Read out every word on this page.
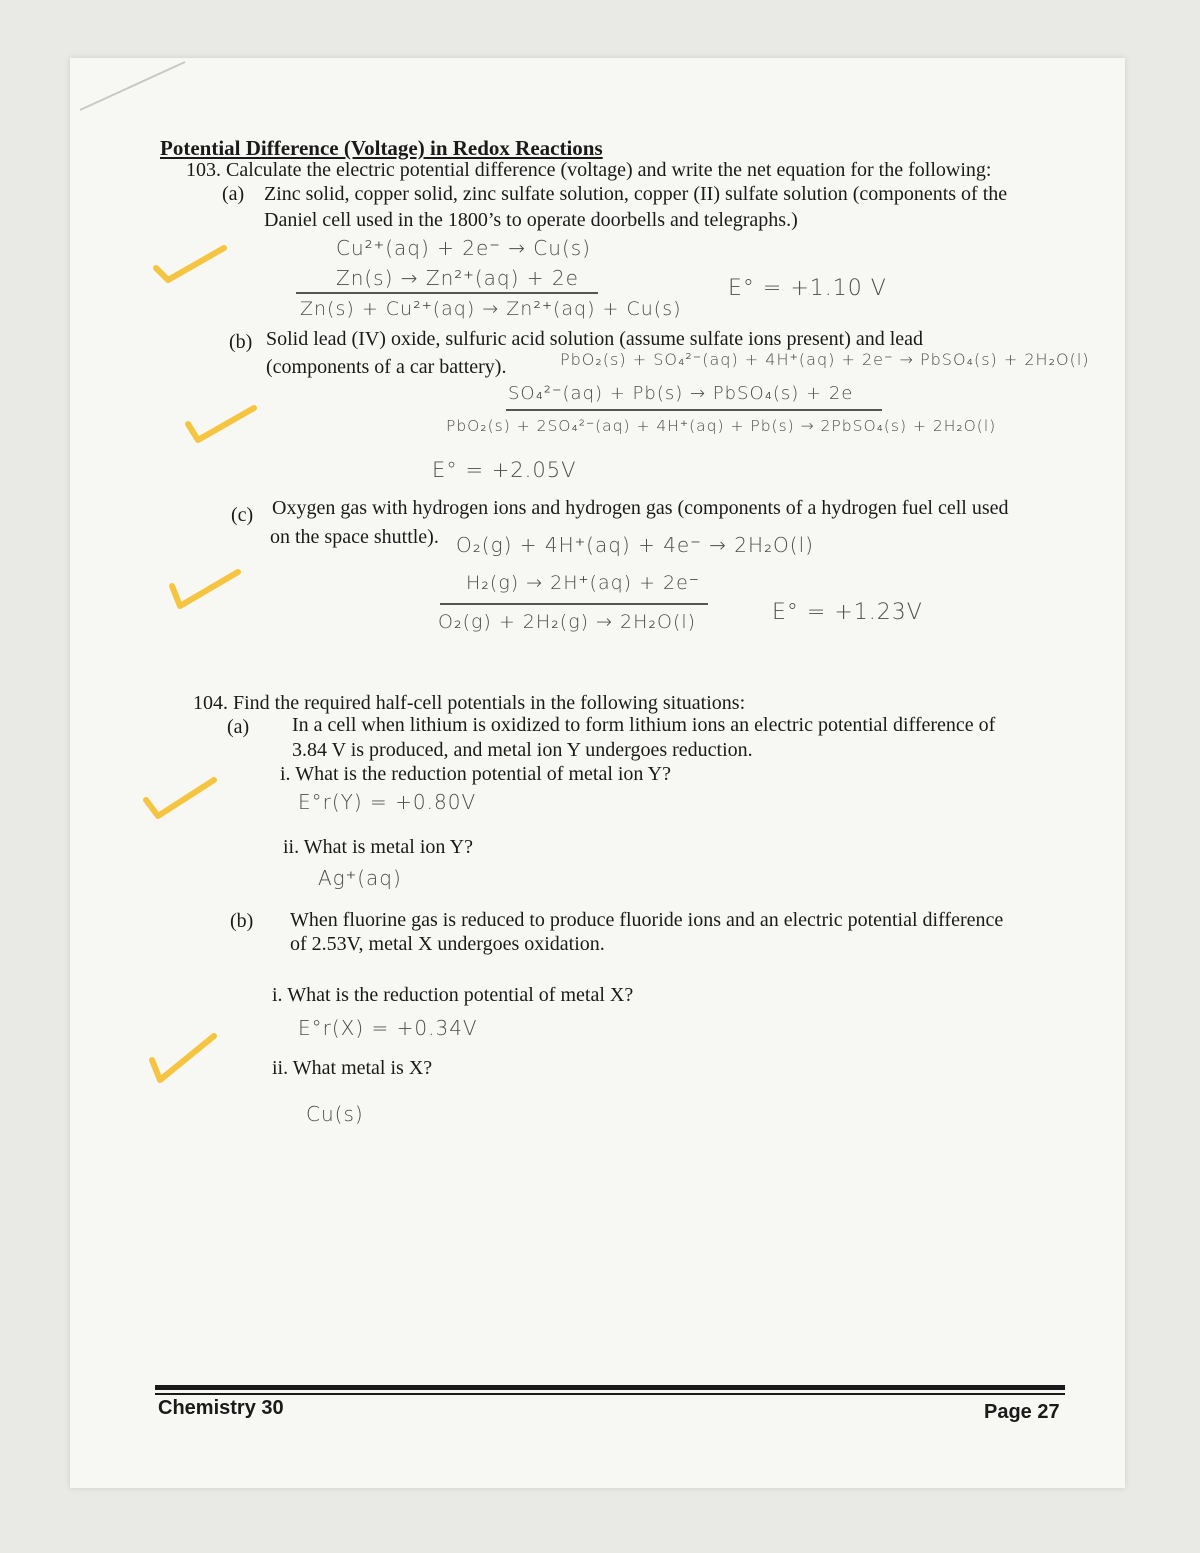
Potential Difference (Voltage) in Redox Reactions
103. Calculate the electric potential difference (voltage) and write the net equation for the following:
(a) Zinc solid, copper solid, zinc sulfate solution, copper (II) sulfate solution (components of the
Daniel cell used in the 1800’s to operate doorbells and telegraphs.)
Cu²⁺(aq) + 2e⁻ → Cu(s)
Zn(s) → Zn²⁺(aq) + 2e
Zn(s) + Cu²⁺(aq) → Zn²⁺(aq) + Cu(s)
E° = +1.10 V
(b) Solid lead (IV) oxide, sulfuric acid solution (assume sulfate ions present) and lead
(components of a car battery).	PbO₂(s) + SO₄²⁻(aq) + 4H⁺(aq) + 2e⁻ → PbSO₄(s) + 2H₂O(l)
SO₄²⁻(aq) + Pb(s) → PbSO₄(s) + 2e
PbO₂(s) + 2SO₄²⁻(aq) + 4H⁺(aq) + Pb(s) → 2PbSO₄(s) + 2H₂O(l)
E° = +2.05V
(c) Oxygen gas with hydrogen ions and hydrogen gas (components of a hydrogen fuel cell used
on the space shuttle). O₂(g) + 4H⁺(aq) + 4e⁻ → 2H₂O(l)
H₂(g) → 2H⁺(aq) + 2e⁻
O₂(g) + 2H₂(g) → 2H₂O(l)	E° = +1.23V
104. Find the required half-cell potentials in the following situations:
(a) In a cell when lithium is oxidized to form lithium ions an electric potential difference of
3.84 V is produced, and metal ion Y undergoes reduction.
i. What is the reduction potential of metal ion Y?
E°r(Y) = +0.80V
ii. What is metal ion Y?
Ag⁺(aq)
(b) When fluorine gas is reduced to produce fluoride ions and an electric potential difference
of 2.53V, metal X undergoes oxidation.
i. What is the reduction potential of metal X?
E°r(X) = +0.34V
ii. What metal is X?
Cu(s)
Chemistry 30	Page 27
